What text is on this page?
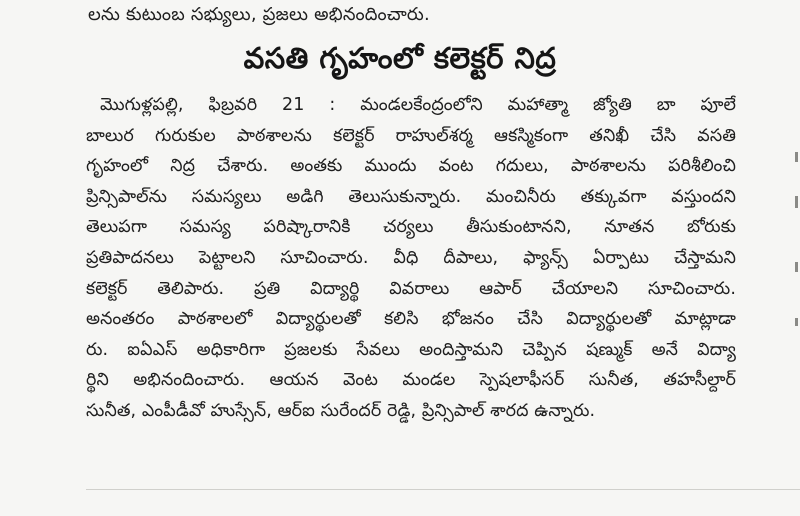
లను కుటుంబ సభ్యులు, ప్రజలు అభినందించారు.
వసతి గృహంలో కలెక్టర్ నిద్ర
మొగుళ్లపల్లి, ఫిబ్రవరి 21 : మండలకేంద్రంలోని మహాత్మా జ్యోతి బా పూలే
బాలుర గురుకుల పాఠశాలను కలెక్టర్ రాహుల్‌శర్మ ఆకస్మికంగా తనిఖీ చేసి వసతి
గృహంలో నిద్ర చేశారు. అంతకు ముందు వంట గదులు, పాఠశాలను పరిశీలించి
ప్రిన్సిపాల్‌ను సమస్యలు అడిగి తెలుసుకున్నారు. మంచినీరు తక్కువగా వస్తుందని
తెలుపగా సమస్య పరిష్కారానికి చర్యలు తీసుకుంటానని, నూతన బోరుకు
ప్రతిపాదనలు పెట్టాలని సూచించారు. వీధి దీపాలు, ఫ్యాన్స్ ఏర్పాటు చేస్తామని
కలెక్టర్ తెలిపారు. ప్రతి విద్యార్థి వివరాలు ఆపార్ చేయాలని సూచించారు.
అనంతరం పాఠశాలలో విద్యార్థులతో కలిసి భోజనం చేసి విద్యార్థులతో మాట్లాడా
రు. ఐఏఎస్ అధికారిగా ప్రజలకు సేవలు అందిస్తామని చెప్పిన షణ్ముక్ అనే విద్యా
ర్థిని అభినందించారు. ఆయన వెంట మండల స్పెషలాఫీసర్ సునీత, తహసీల్దార్
సునీత, ఎంపీడీవో హుస్సేన్, ఆర్ఐ సురేందర్ రెడ్డి, ప్రిన్సిపాల్ శారద ఉన్నారు.
